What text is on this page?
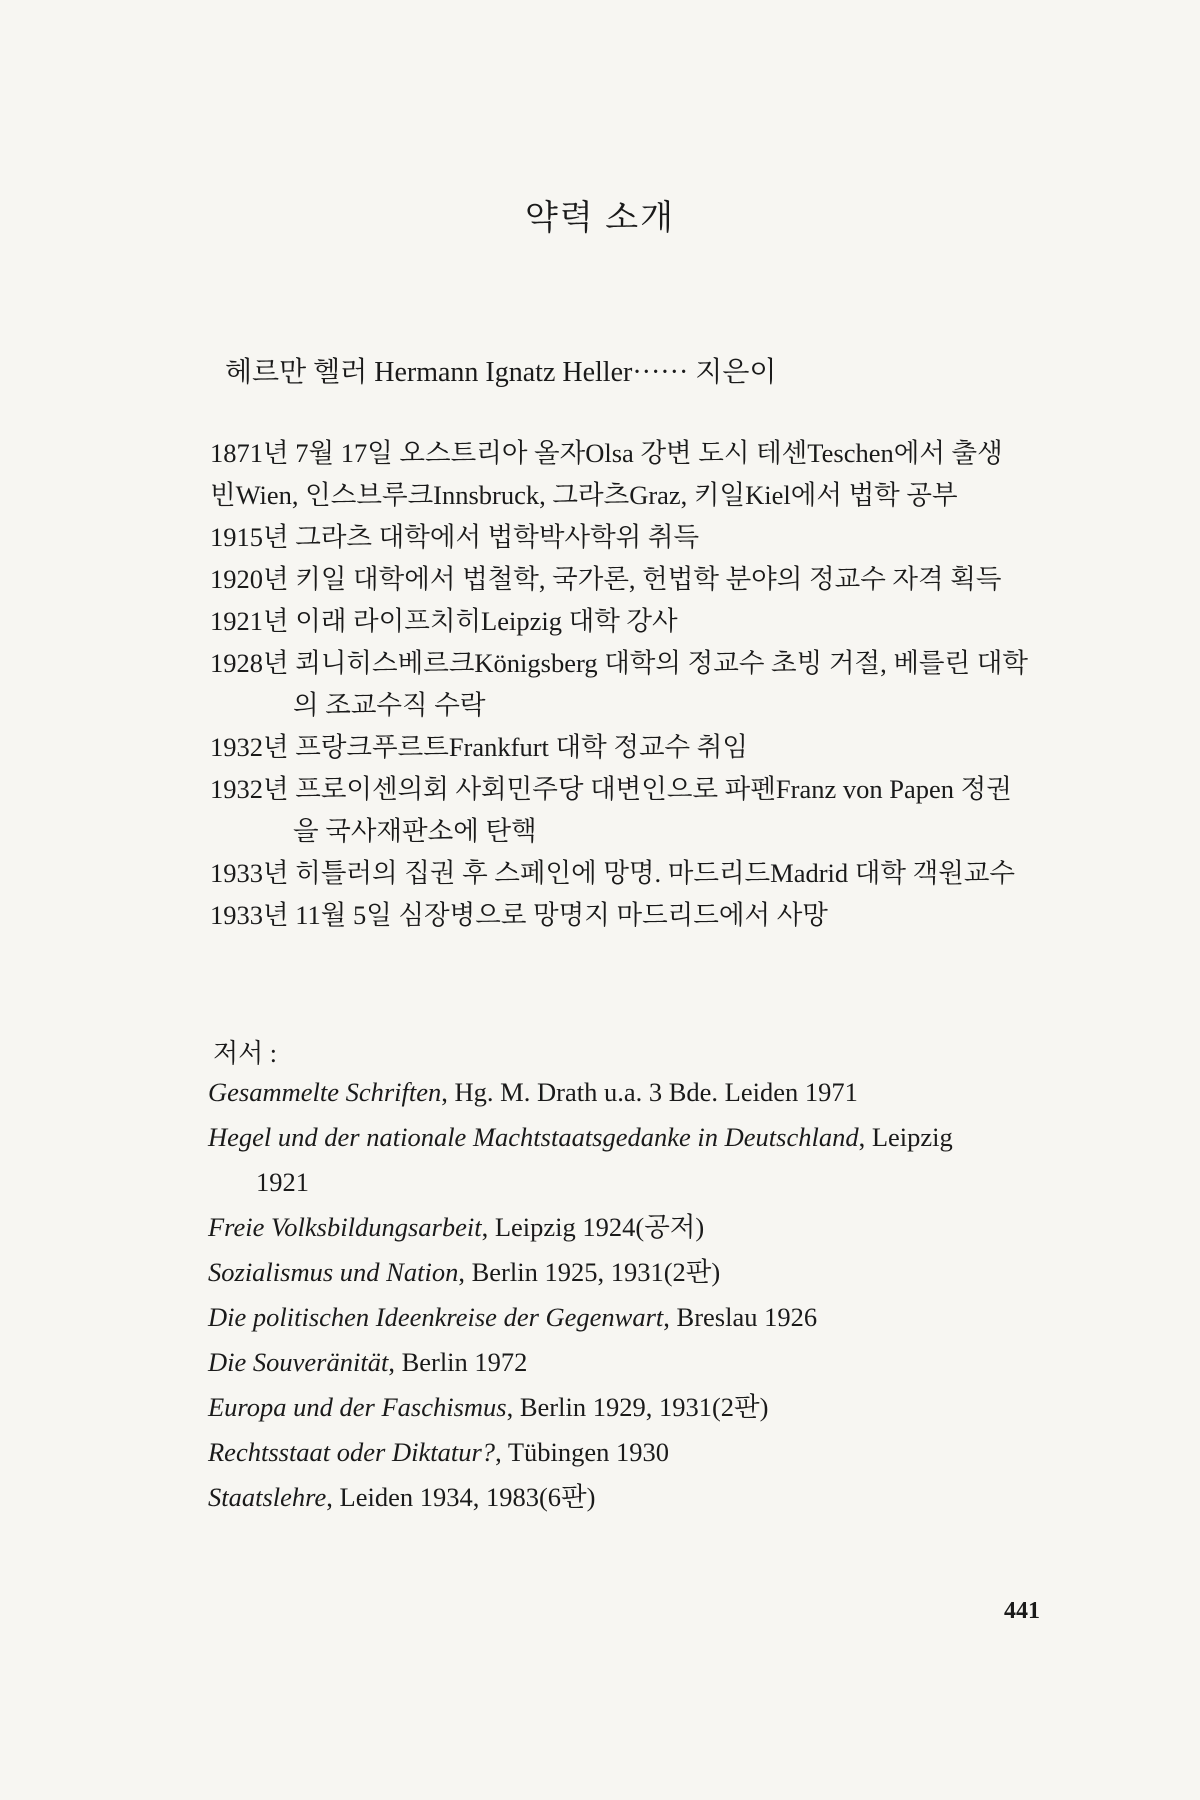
약력 소개
헤르만 헬러 Hermann Ignatz Heller······ 지은이
1871년 7월 17일 오스트리아 올자Olsa 강변 도시 테센Teschen에서 출생
빈Wien, 인스브루크Innsbruck, 그라츠Graz, 키일Kiel에서 법학 공부
1915년 그라츠 대학에서 법학박사학위 취득
1920년 키일 대학에서 법철학, 국가론, 헌법학 분야의 정교수 자격 획득
1921년 이래 라이프치히Leipzig 대학 강사
1928년 쾨니히스베르크Königsberg 대학의 정교수 초빙 거절, 베를린 대학
의 조교수직 수락
1932년 프랑크푸르트Frankfurt 대학 정교수 취임
1932년 프로이센의회 사회민주당 대변인으로 파펜Franz von Papen 정권
을 국사재판소에 탄핵
1933년 히틀러의 집권 후 스페인에 망명. 마드리드Madrid 대학 객원교수
1933년 11월 5일 심장병으로 망명지 마드리드에서 사망
저서 :
Gesammelte Schriften, Hg. M. Drath u.a. 3 Bde. Leiden 1971
Hegel und der nationale Machtstaatsgedanke in Deutschland, Leipzig
1921
Freie Volksbildungsarbeit, Leipzig 1924(공저)
Sozialismus und Nation, Berlin 1925, 1931(2판)
Die politischen Ideenkreise der Gegenwart, Breslau 1926
Die Souveränität, Berlin 1972
Europa und der Faschismus, Berlin 1929, 1931(2판)
Rechtsstaat oder Diktatur?, Tübingen 1930
Staatslehre, Leiden 1934, 1983(6판)
441
